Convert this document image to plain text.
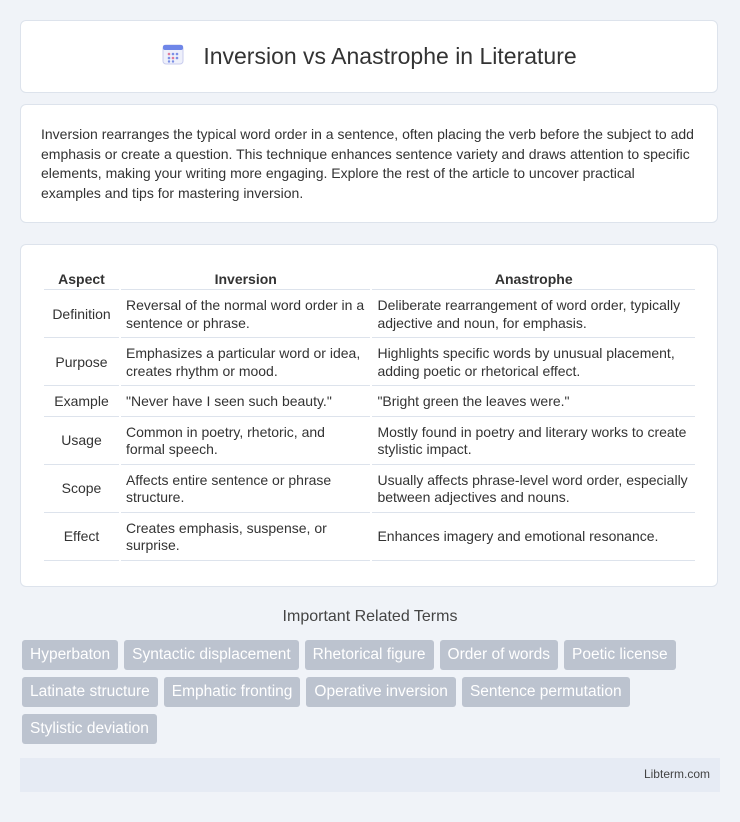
Inversion vs Anastrophe in Literature

Inversion rearranges the typical word order in a sentence, often placing the verb before the subject to add emphasis or create a question. This technique enhances sentence variety and draws attention to specific elements, making your writing more engaging. Explore the rest of the article to uncover practical examples and tips for mastering inversion.

Aspect	Inversion	Anastrophe
Definition	Reversal of the normal word order in a sentence or phrase.	Deliberate rearrangement of word order, typically adjective and noun, for emphasis.
Purpose	Emphasizes a particular word or idea, creates rhythm or mood.	Highlights specific words by unusual placement, adding poetic or rhetorical effect.
Example	"Never have I seen such beauty."	"Bright green the leaves were."
Usage	Common in poetry, rhetoric, and formal speech.	Mostly found in poetry and literary works to create stylistic impact.
Scope	Affects entire sentence or phrase structure.	Usually affects phrase-level word order, especially between adjectives and nouns.
Effect	Creates emphasis, suspense, or surprise.	Enhances imagery and emotional resonance.
Important Related Terms
Hyperbaton	Syntactic displacement	Rhetorical figure	Order of words	Poetic license
Latinate structure	Emphatic fronting	Operative inversion	Sentence permutation
Stylistic deviation
Libterm.com
